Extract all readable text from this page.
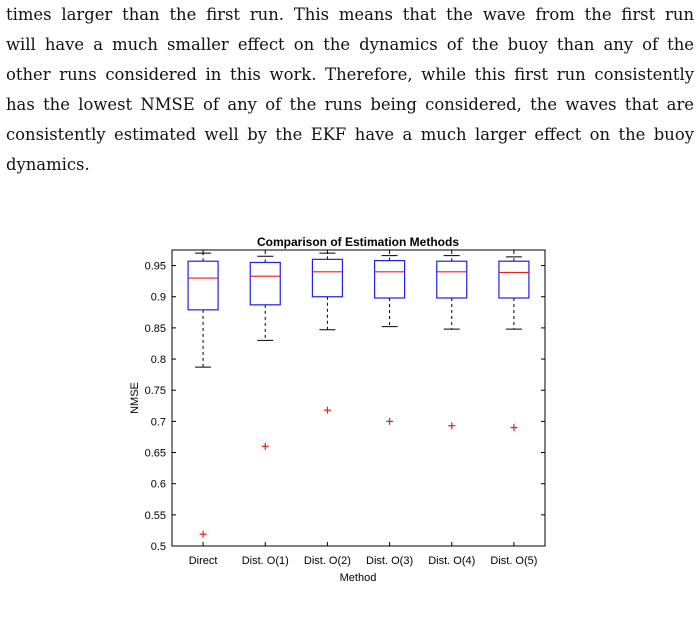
times larger than the first run. This means that the wave from the first run
will have a much smaller effect on the dynamics of the buoy than any of the
other runs considered in this work. Therefore, while this first run consistently
has the lowest NMSE of any of the runs being considered, the waves that are
consistently estimated well by the EKF have a much larger effect on the buoy
dynamics.
Comparison of Estimation Methods
0.5
0.55
0.6
0.65
0.7
0.75
0.8
0.85
0.9
0.95
Direct Dist. O(1) Dist. O(2) Dist. O(3) Dist. O(4) Dist. O(5)
Method
NMSE
